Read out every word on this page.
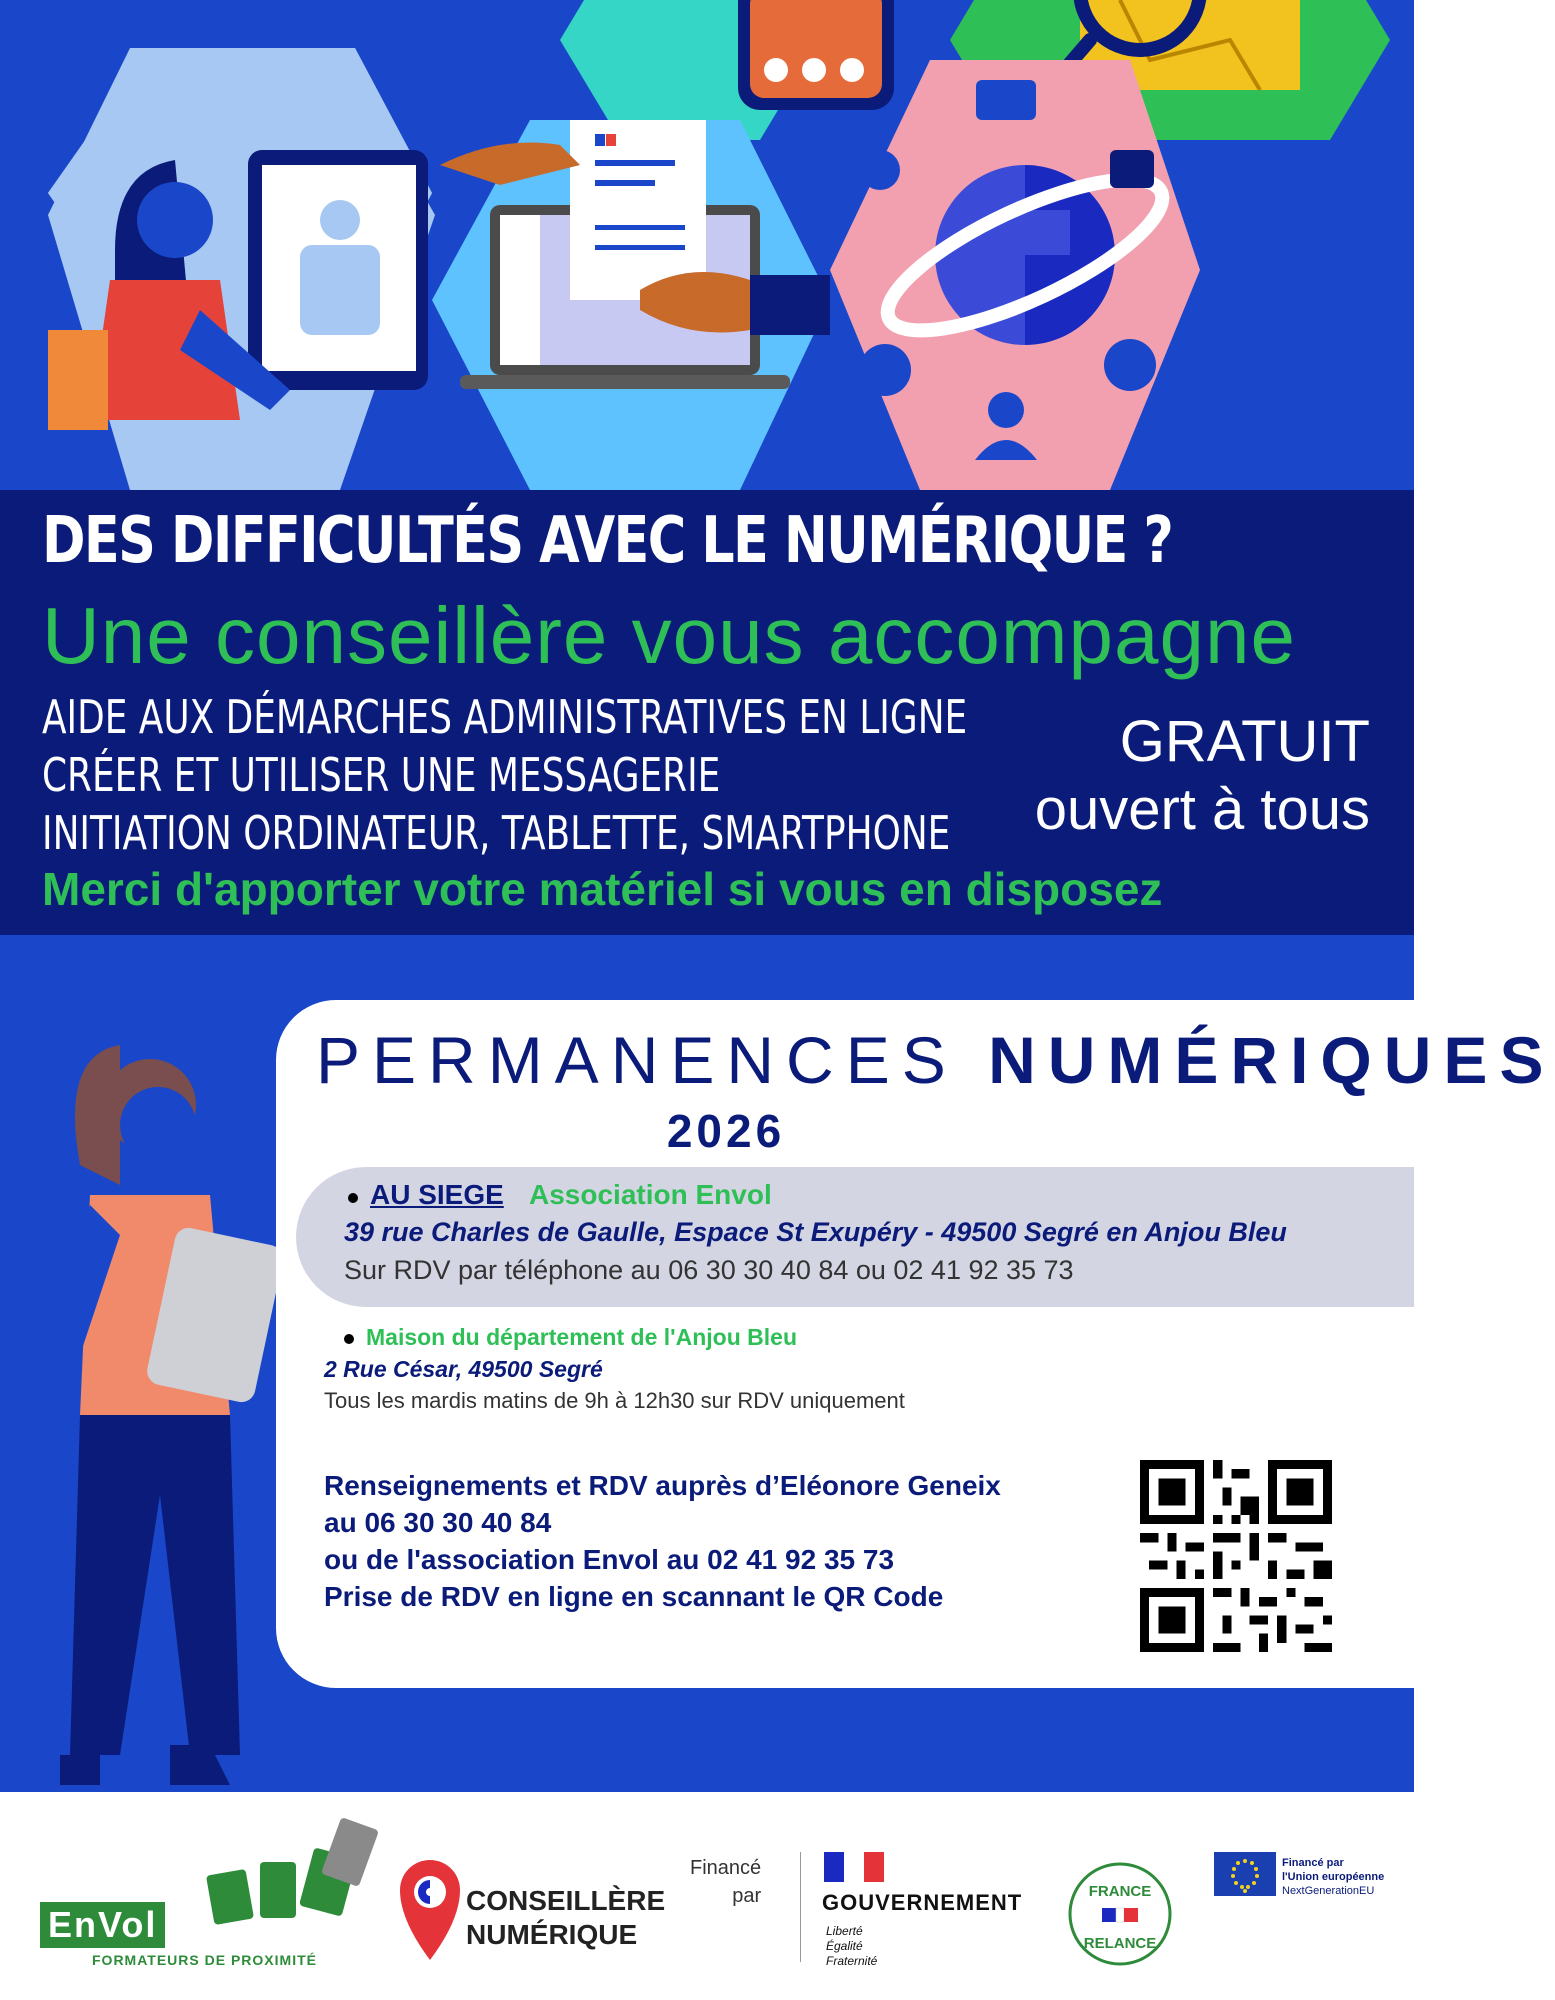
DES DIFFICULTÉS AVEC LE NUMÉRIQUE ?
Une conseillère vous accompagne
AIDE AUX DÉMARCHES ADMINISTRATIVES EN LIGNE
CRÉER ET UTILISER UNE MESSAGERIE
INITIATION ORDINATEUR, TABLETTE, SMARTPHONE
GRATUIT
ouvert à tous
Merci d'apporter votre matériel si vous en disposez
PERMANENCES NUMÉRIQUES
2026
AU SIEGE Association Envol
39 rue Charles de Gaulle, Espace St Exupéry - 49500 Segré en Anjou Bleu
Sur RDV par téléphone au 06 30 30 40 84 ou 02 41 92 35 73
Maison du département de l'Anjou Bleu
2 Rue César, 49500 Segré
Tous les mardis matins de 9h à 12h30 sur RDV uniquement
Renseignements et RDV auprès d’Eléonore Geneix
au 06 30 30 40 84
ou de l'association Envol au 02 41 92 35 73
Prise de RDV en ligne en scannant le QR Code
EnVol
FORMATEURS DE PROXIMITÉ
CONSEILLÈRE
NUMÉRIQUE
Financé
par	GOUVERNEMENT
Liberté
Égalité
Fraternité
FRANCE
RELANCE
Financé par
l'Union européenne
NextGenerationEU
